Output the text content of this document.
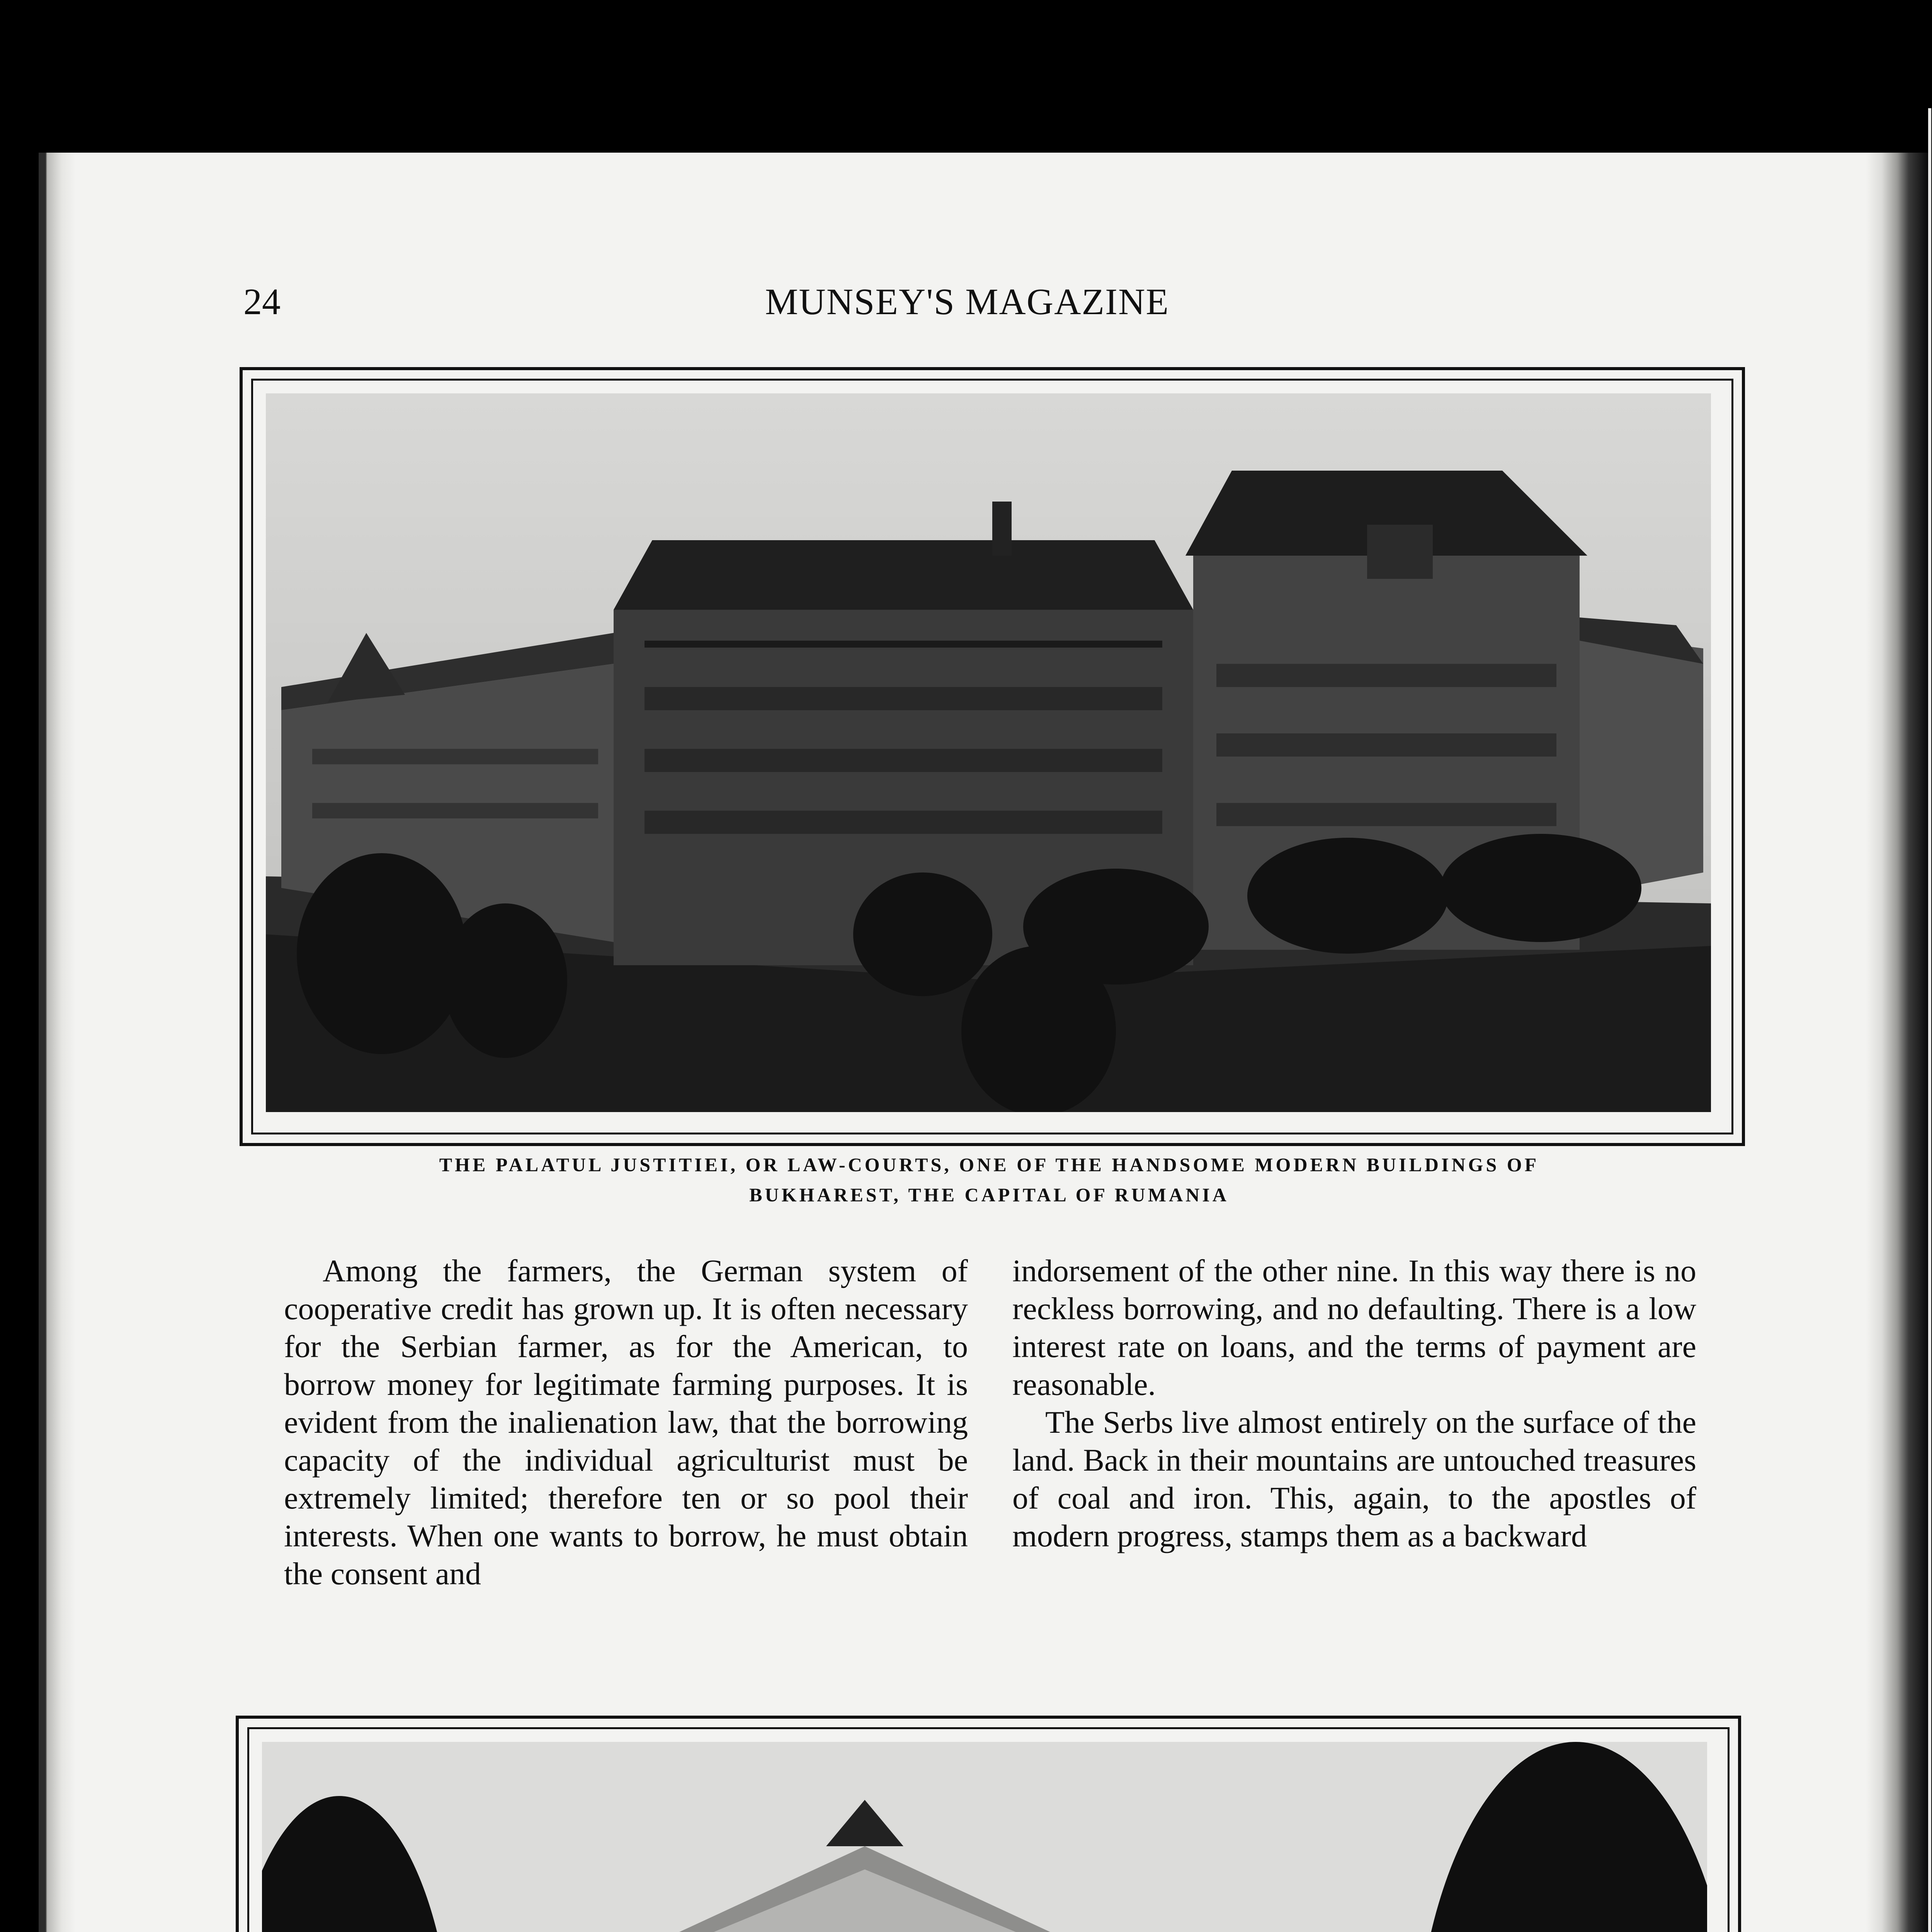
24	MUNSEY'S MAGAZINE
THE PALATUL JUSTITIEI, OR LAW-COURTS, ONE OF THE HANDSOME MODERN BUILDINGS OF
BUKHAREST, THE CAPITAL OF RUMANIA

Among the farmers, the German system of cooperative credit has grown up. It is often necessary for the Serbian farmer, as for the American, to borrow money for legitimate farming purposes. It is evident from the inalienation law, that the borrowing capacity of the individual agriculturist must be extremely limited; therefore ten or so pool their interests. When one wants to borrow, he must obtain the consent and

indorsement of the other nine. In this way there is no reckless borrowing, and no defaulting. There is a low interest rate on loans, and the terms of payment are reasonable.

The Serbs live almost entirely on the surface of the land. Back in their mountains are untouched treasures of coal and iron. This, again, to the apostles of modern progress, stamps them as a backward
